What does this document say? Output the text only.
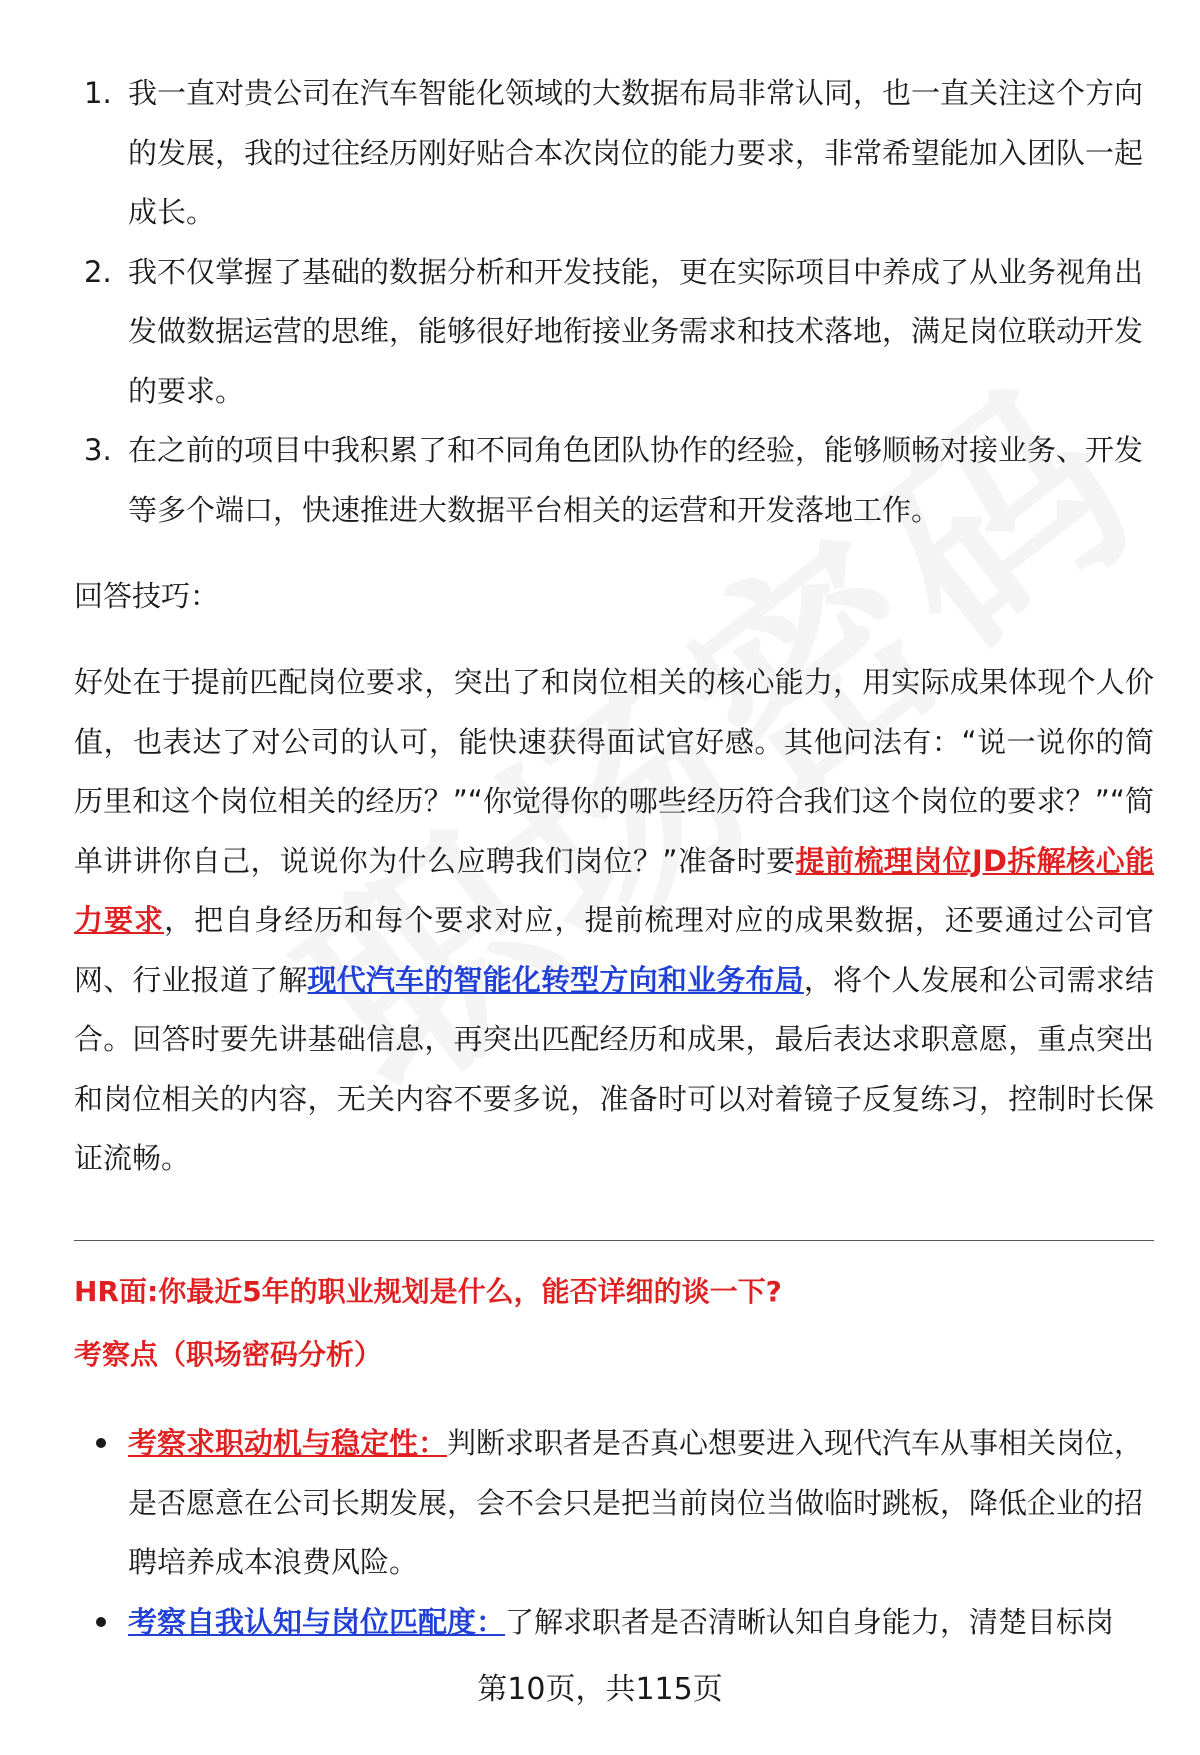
1. 我一直对贵公司在汽车智能化领域的大数据布局非常认同，也一直关注这个方向的发展，我的过往经历刚好贴合本次岗位的能力要求，非常希望能加入团队一起成长。
2. 我不仅掌握了基础的数据分析和开发技能，更在实际项目中养成了从业务视角出发做数据运营的思维，能够很好地衔接业务需求和技术落地，满足岗位联动开发的要求。
3. 在之前的项目中我积累了和不同角色团队协作的经验，能够顺畅对接业务、开发等多个端口，快速推进大数据平台相关的运营和开发落地工作。
回答技巧：
好处在于提前匹配岗位要求，突出了和岗位相关的核心能力，用实际成果体现个人价值，也表达了对公司的认可，能快速获得面试官好感。其他问法有：“说一说你的简历里和这个岗位相关的经历？”“你觉得你的哪些经历符合我们这个岗位的要求？”“简单讲讲你自己，说说你为什么应聘我们岗位？”准备时要提前梳理岗位JD拆解核心能力要求，把自身经历和每个要求对应，提前梳理对应的成果数据，还要通过公司官网、行业报道了解现代汽车的智能化转型方向和业务布局，将个人发展和公司需求结合。回答时要先讲基础信息，再突出匹配经历和成果，最后表达求职意愿，重点突出和岗位相关的内容，无关内容不要多说，准备时可以对着镜子反复练习，控制时长保证流畅。
HR面:你最近5年的职业规划是什么，能否详细的谈一下?
考察点（职场密码分析）
考察求职动机与稳定性：判断求职者是否真心想要进入现代汽车从事相关岗位，是否愿意在公司长期发展，会不会只是把当前岗位当做临时跳板，降低企业的招聘培养成本浪费风险。
考察自我认知与岗位匹配度：了解求职者是否清晰认知自身能力，清楚目标岗
第10页，共115页
